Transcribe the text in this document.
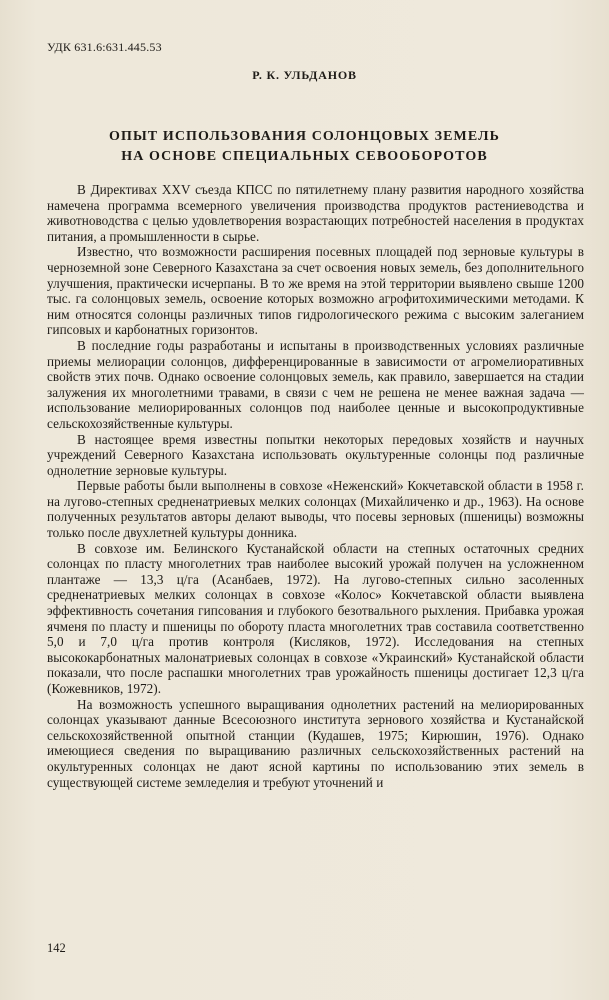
УДК 631.6:631.445.53
Р. К. УЛЬДАНОВ
ОПЫТ ИСПОЛЬЗОВАНИЯ СОЛОНЦОВЫХ ЗЕМЕЛЬ
НА ОСНОВЕ СПЕЦИАЛЬНЫХ СЕВООБОРОТОВ

В Директивах XXV съезда КПСС по пятилетнему плану развития народного хозяйства намечена программа всемерного увеличения производства продуктов растениеводства и животноводства с целью удовлетворения возрастающих потребностей населения в продуктах питания, а промышленности в сырье.

Известно, что возможности расширения посевных площадей под зерновые культуры в черноземной зоне Северного Казахстана за счет освоения новых земель, без дополнительного улучшения, практически исчерпаны. В то же время на этой территории выявлено свыше 1200 тыс. га солонцовых земель, освоение которых возможно агрофитохимическими методами. К ним относятся солонцы различных типов гидрологического режима с высоким залеганием гипсовых и карбонатных горизонтов.

В последние годы разработаны и испытаны в производственных условиях различные приемы мелиорации солонцов, дифференцированные в зависимости от агромелиоративных свойств этих почв. Однако освоение солонцовых земель, как правило, завершается на стадии залужения их многолетними травами, в связи с чем не решена не менее важная задача — использование мелиорированных солонцов под наиболее ценные и высокопродуктивные сельскохозяйственные культуры.

В настоящее время известны попытки некоторых передовых хозяйств и научных учреждений Северного Казахстана использовать окультуренные солонцы под различные однолетние зерновые культуры.

Первые работы были выполнены в совхозе «Неженский» Кокчетавской области в 1958 г. на лугово-степных средненатриевых мелких солонцах (Михайличенко и др., 1963). На основе полученных результатов авторы делают выводы, что посевы зерновых (пшеницы) возможны только после двухлетней культуры донника.

В совхозе им. Белинского Кустанайской области на степных остаточных средних солонцах по пласту многолетних трав наиболее высокий урожай получен на усложненном плантаже — 13,3 ц/га (Асанбаев, 1972). На лугово-степных сильно засоленных средненатриевых мелких солонцах в совхозе «Колос» Кокчетавской области выявлена эффективность сочетания гипсования и глубокого безотвального рыхления. Прибавка урожая ячменя по пласту и пшеницы по обороту пласта многолетних трав составила соответственно 5,0 и 7,0 ц/га против контроля (Кисляков, 1972). Исследования на степных высококарбонатных малонатриевых солонцах в совхозе «Украинский» Кустанайской области показали, что после распашки многолетних трав урожайность пшеницы достигает 12,3 ц/га (Кожевников, 1972).

На возможность успешного выращивания однолетних растений на мелиорированных солонцах указывают данные Всесоюзного института зернового хозяйства и Кустанайской сельскохозяйственной опытной станции (Кудашев, 1975; Кирюшин, 1976). Однако имеющиеся сведения по выращиванию различных сельскохозяйственных растений на окультуренных солонцах не дают ясной картины по использованию этих земель в существующей системе земледелия и требуют уточнений и

142
